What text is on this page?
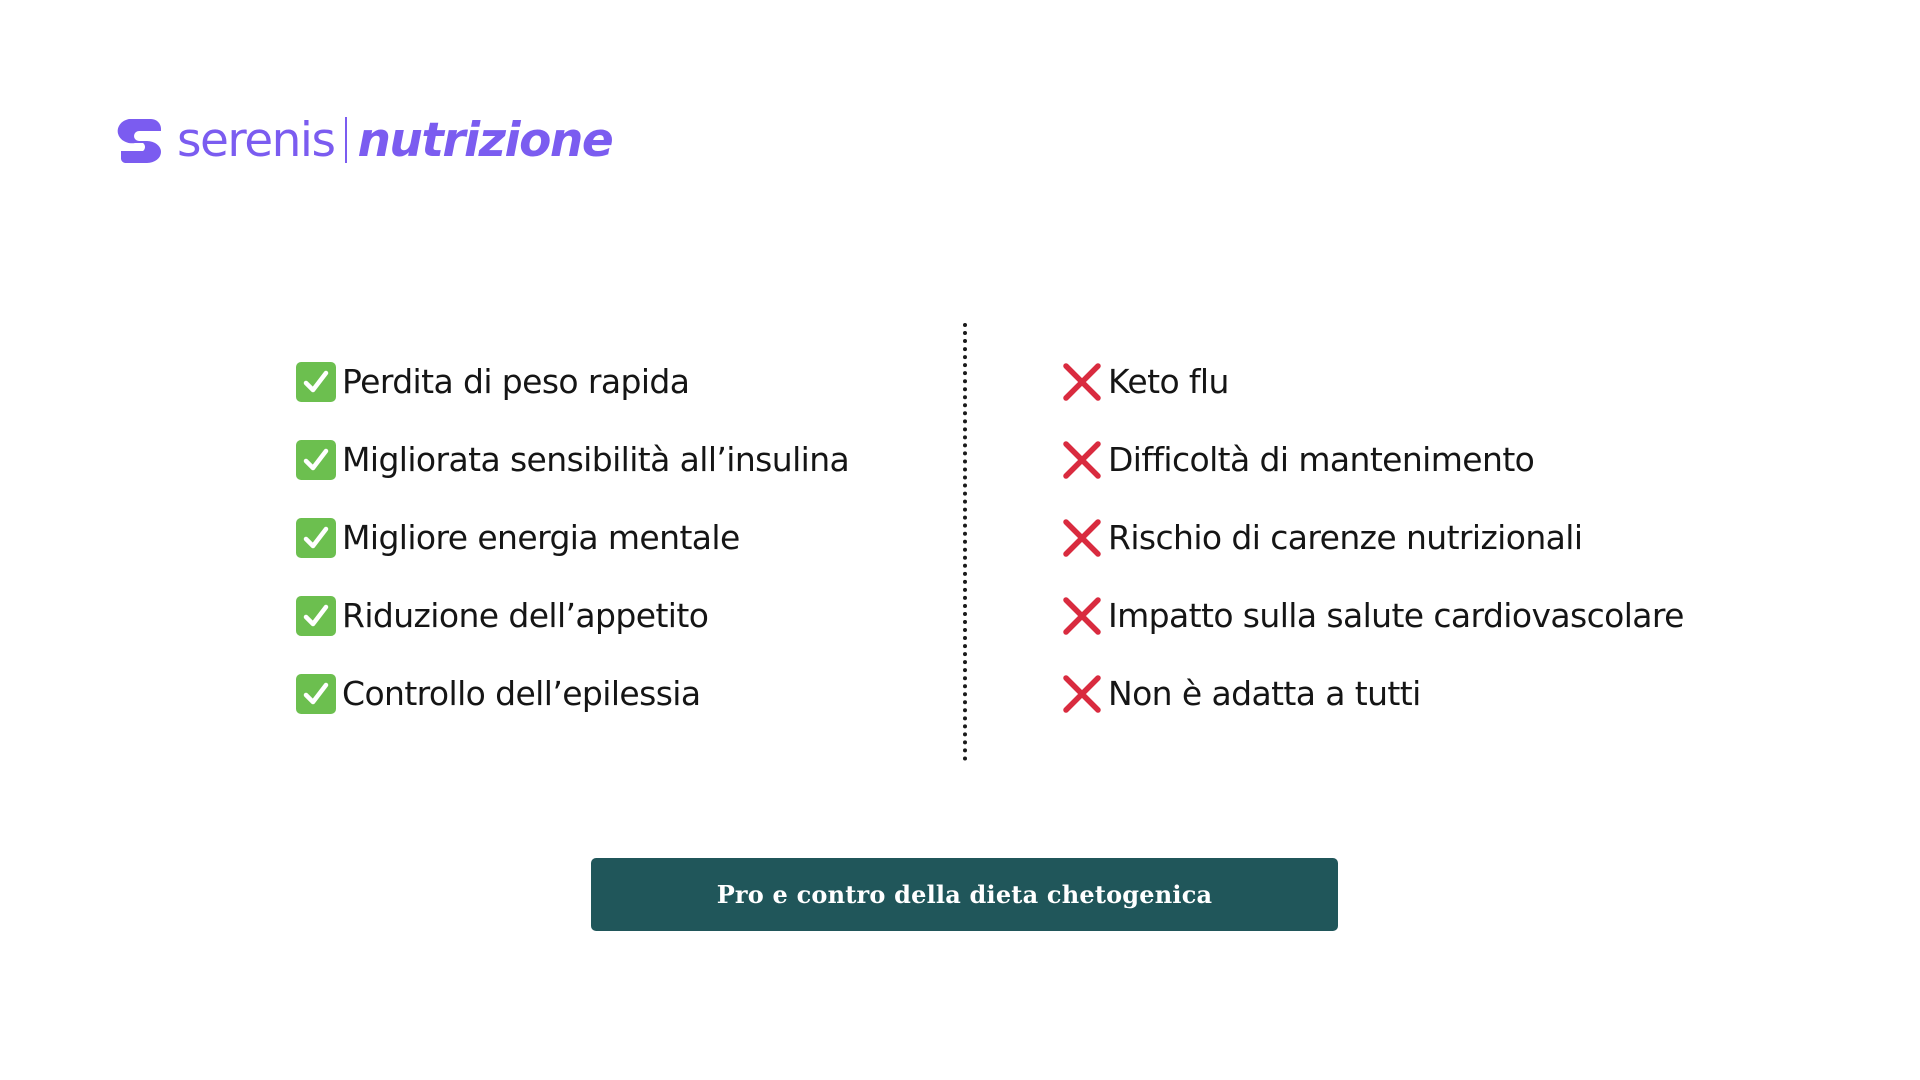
serenis nutrizione
Perdita di peso rapida
Migliorata sensibilità all’insulina
Migliore energia mentale
Riduzione dell’appetito
Controllo dell’epilessia
Keto flu
Difficoltà di mantenimento
Rischio di carenze nutrizionali
Impatto sulla salute cardiovascolare
Non è adatta a tutti
Pro e contro della dieta chetogenica
